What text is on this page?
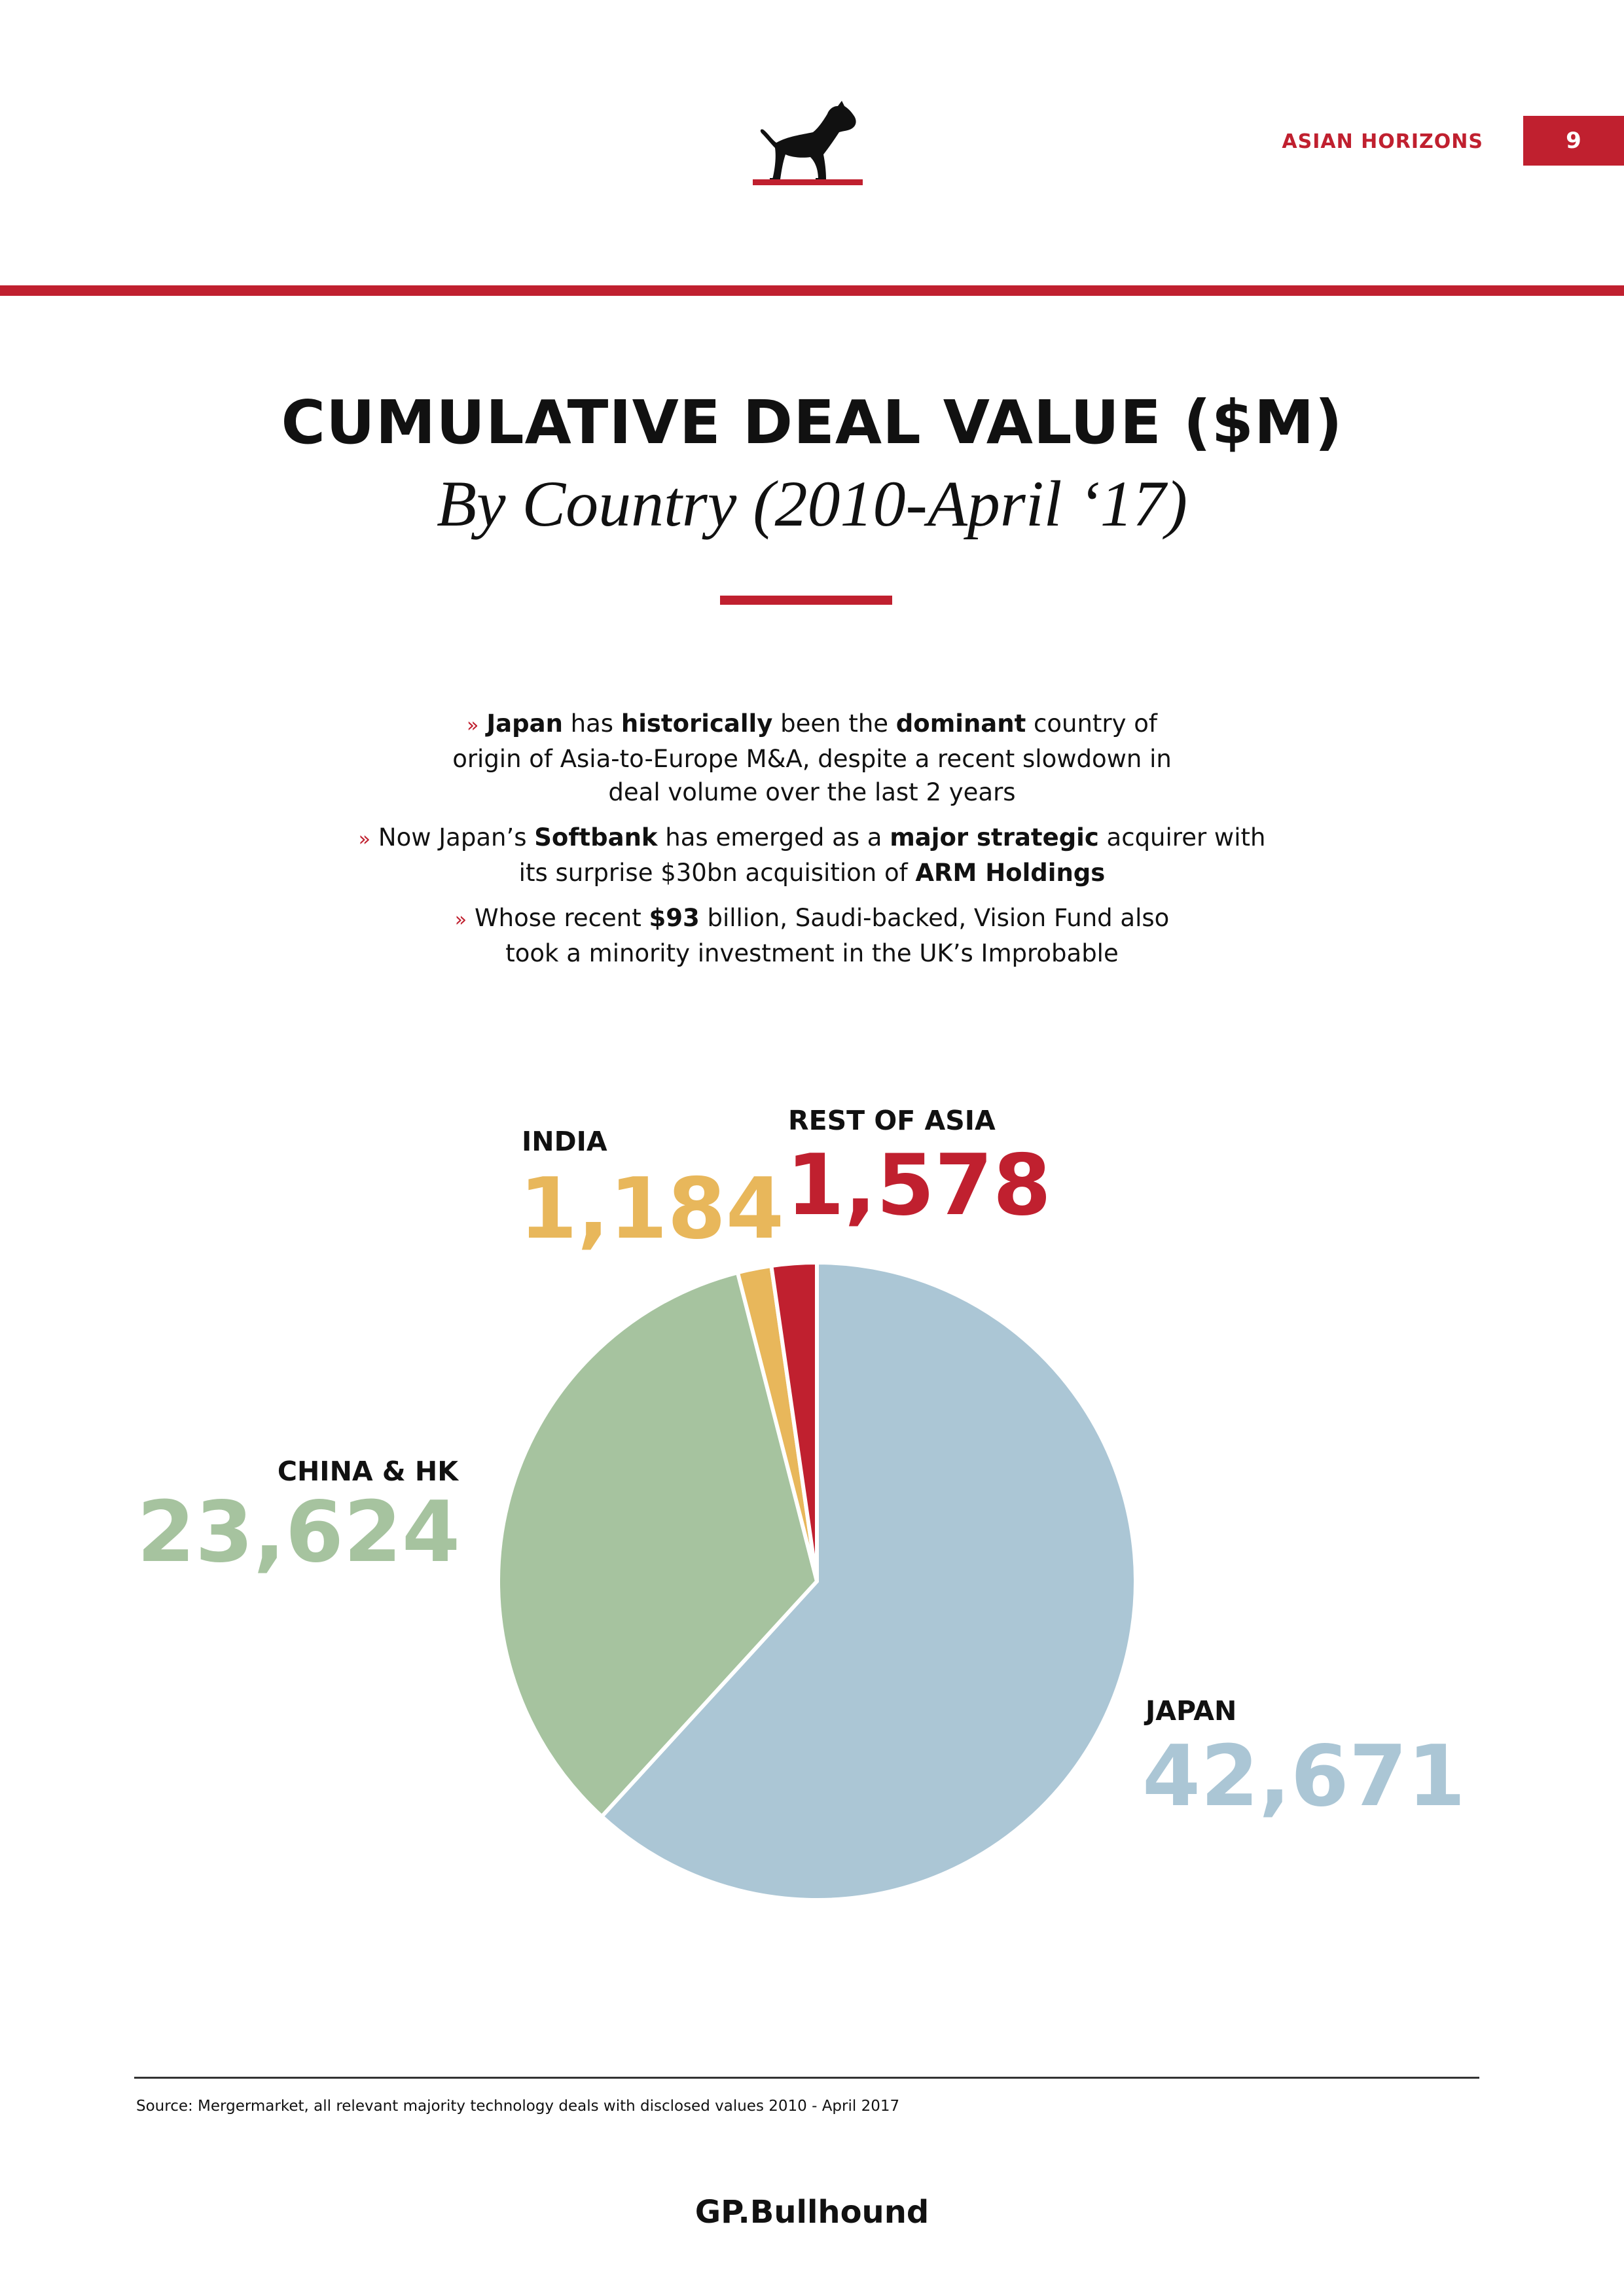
ASIAN HORIZONS	9
CUMULATIVE DEAL VALUE ($M)
By Country (2010-April ‘17)
» Japan has historically been the dominant country of origin of Asia-to-Europe M&A, despite a recent slowdown in deal volume over the last 2 years
» Now Japan’s Softbank has emerged as a major strategic acquirer with its surprise $30bn acquisition of ARM Holdings
» Whose recent $93 billion, Saudi-backed, Vision Fund also took a minority investment in the UK’s Improbable
JAPAN
42,671
CHINA & HK
23,624
INDIA
1,184
REST OF ASIA
1,578
Source: Mergermarket, all relevant majority technology deals with disclosed values 2010 - April 2017
GP.Bullhound
